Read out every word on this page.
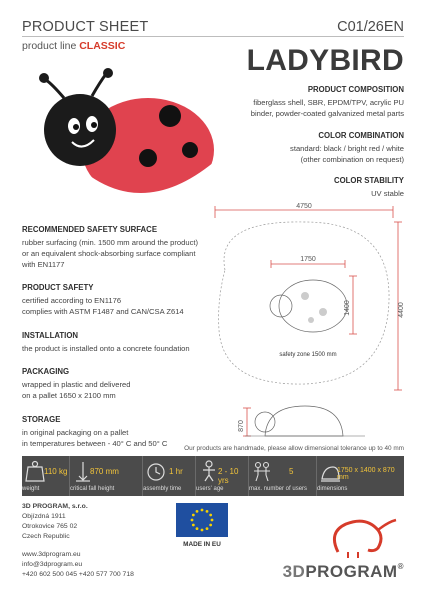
PRODUCT SHEET	C01/26EN
product line CLASSIC	LADYBIRD
PRODUCT COMPOSITION
fiberglass shell, SBR, EPDM/TPV, acrylic PU
binder, powder-coated galvanized metal parts
COLOR COMBINATION
standard: black / bright red / white
(other combination on request)
COLOR STABILITY
UV stable
RECOMMENDED SAFETY SURFACE
rubber surfacing (min. 1500 mm around the product)
or an equivalent shock-absorbing surface compliant
with EN1177
PRODUCT SAFETY
certified according to EN1176
complies with ASTM F1487 and CAN/CSA Z614
INSTALLATION
the product is installed onto a concrete foundation
PACKAGING
wrapped in plastic and delivered
on a pallet 1650 x 2100 mm
STORAGE
in original packaging on a pallet
in temperatures between - 40° C and 50° C
4750
4400
1750
1400
870
safety zone 1500 mm
Our products are handmade, please allow dimensional tolerance up to 40 mm
110 kg
weight
870 mm
critical fall height
1 hr
assembly time
2 - 10 yrs
users' age
5
max. number of users
1750 x 1400 x 870 mm
dimensions
3D PROGRAM, s.r.o.
Objízdná 1911
Otrokovice 765 02
Czech Republic
www.3dprogram.eu
info@3dprogram.eu
+420 602 500 045 +420 577 700 718
MADE IN EU
3DPROGRAM®
